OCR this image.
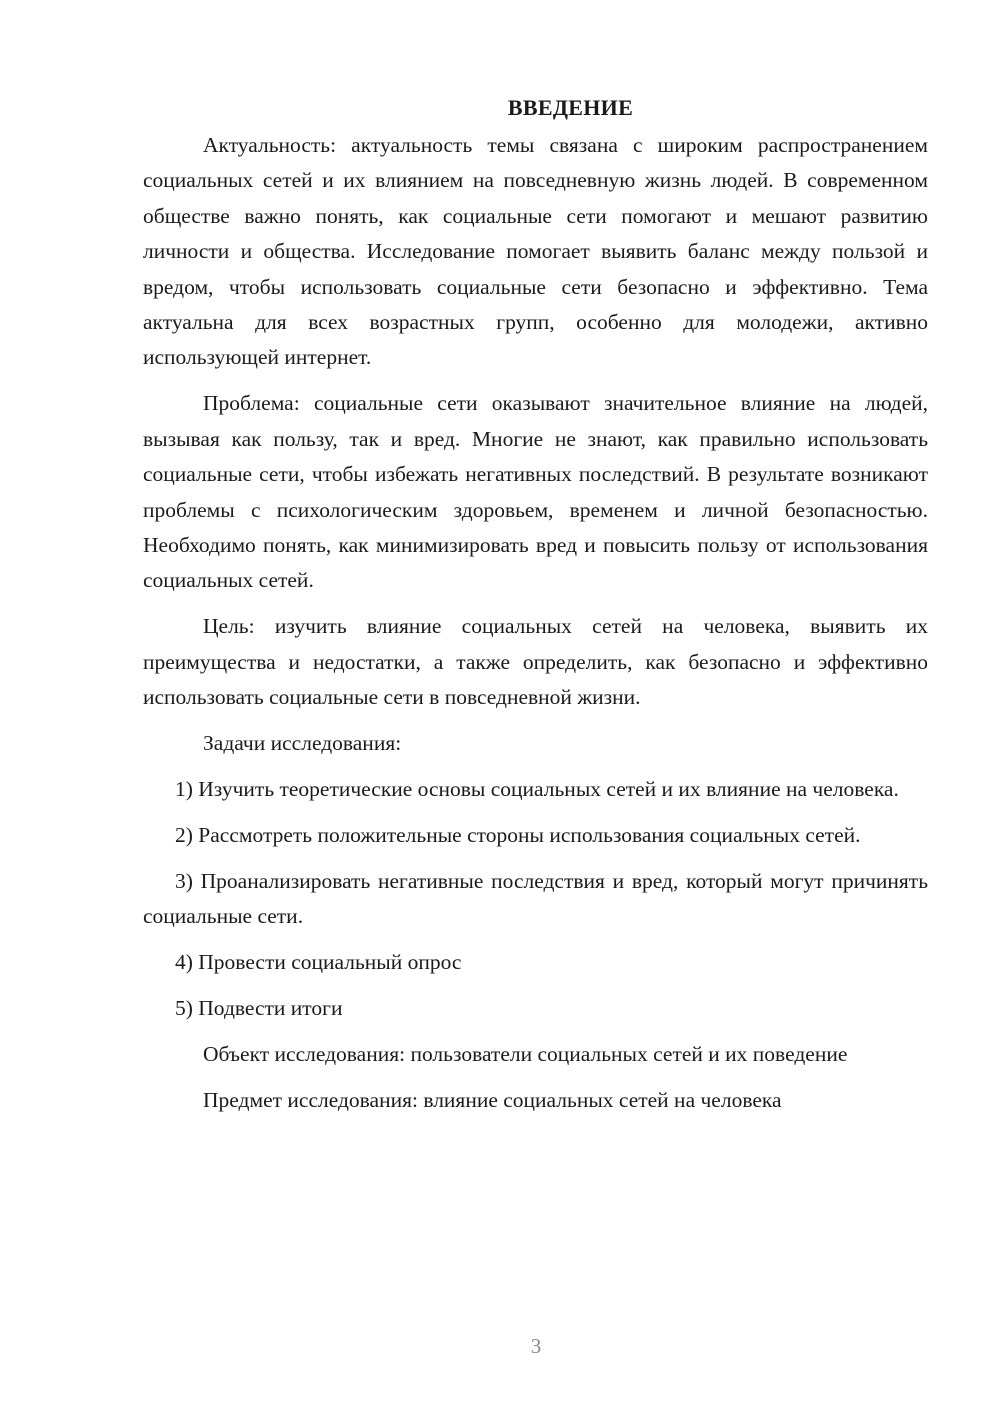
ВВЕДЕНИЕ

Актуальность: актуальность темы связана с широким распространением социальных сетей и их влиянием на повседневную жизнь людей. В современном обществе важно понять, как социальные сети помогают и мешают развитию личности и общества. Исследование помогает выявить баланс между пользой и вредом, чтобы использовать социальные сети безопасно и эффективно. Тема актуальна для всех возрастных групп, особенно для молодежи, активно использующей интернет.

Проблема: социальные сети оказывают значительное влияние на людей, вызывая как пользу, так и вред. Многие не знают, как правильно использовать социальные сети, чтобы избежать негативных последствий. В результате возникают проблемы с психологическим здоровьем, временем и личной безопасностью. Необходимо понять, как минимизировать вред и повысить пользу от использования социальных сетей.

Цель: изучить влияние социальных сетей на человека, выявить их преимущества и недостатки, а также определить, как безопасно и эффективно использовать социальные сети в повседневной жизни.

Задачи исследования:

1) Изучить теоретические основы социальных сетей и их влияние на человека.

2) Рассмотреть положительные стороны использования социальных сетей.

3) Проанализировать негативные последствия и вред, который могут причинять социальные сети.

4) Провести социальный опрос

5) Подвести итоги

Объект исследования: пользователи социальных сетей и их поведение

Предмет исследования: влияние социальных сетей на человека

3
